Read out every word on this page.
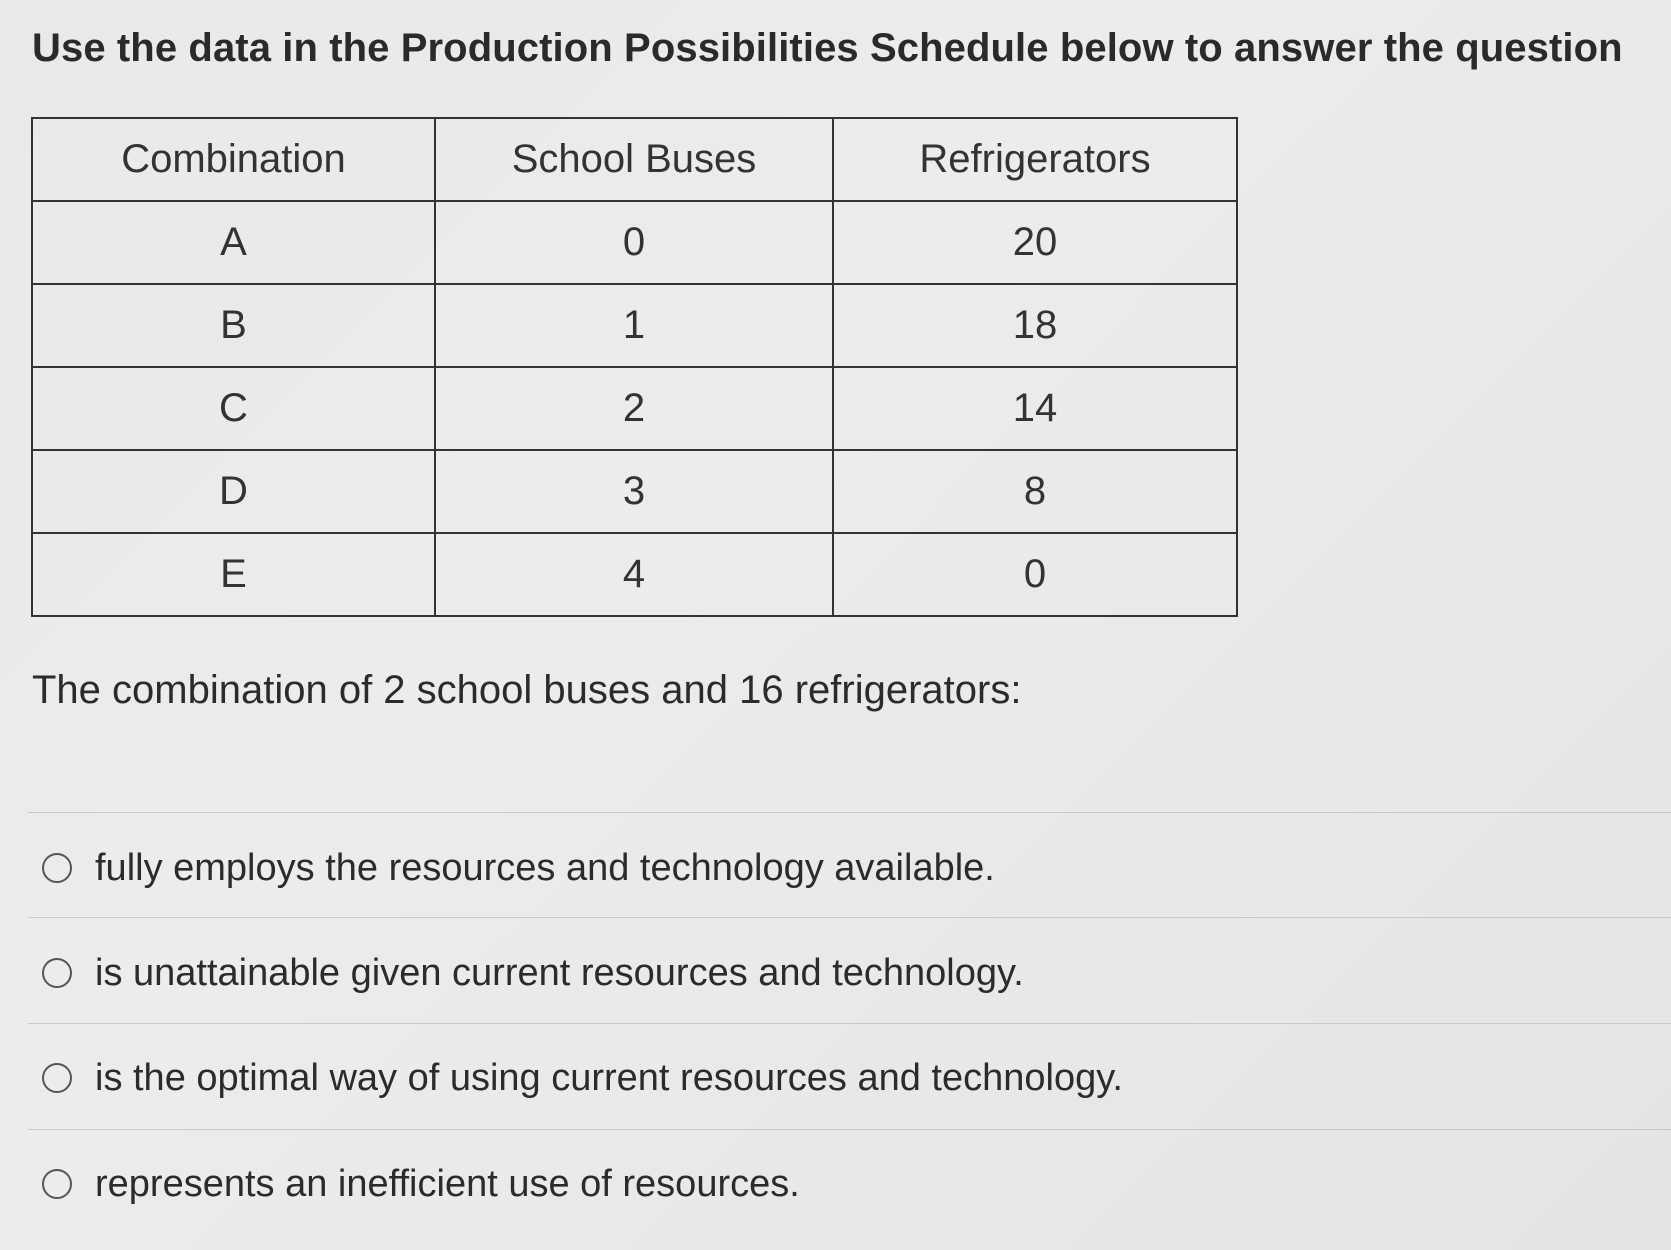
Use the data in the Production Possibilities Schedule below to answer the question
Combination	School Buses	Refrigerators
A	0	20
B	1	18
C	2	14
D	3	8
E	4	0
The combination of 2 school buses and 16 refrigerators:
fully employs the resources and technology available.
is unattainable given current resources and technology.
is the optimal way of using current resources and technology.
represents an inefficient use of resources.
